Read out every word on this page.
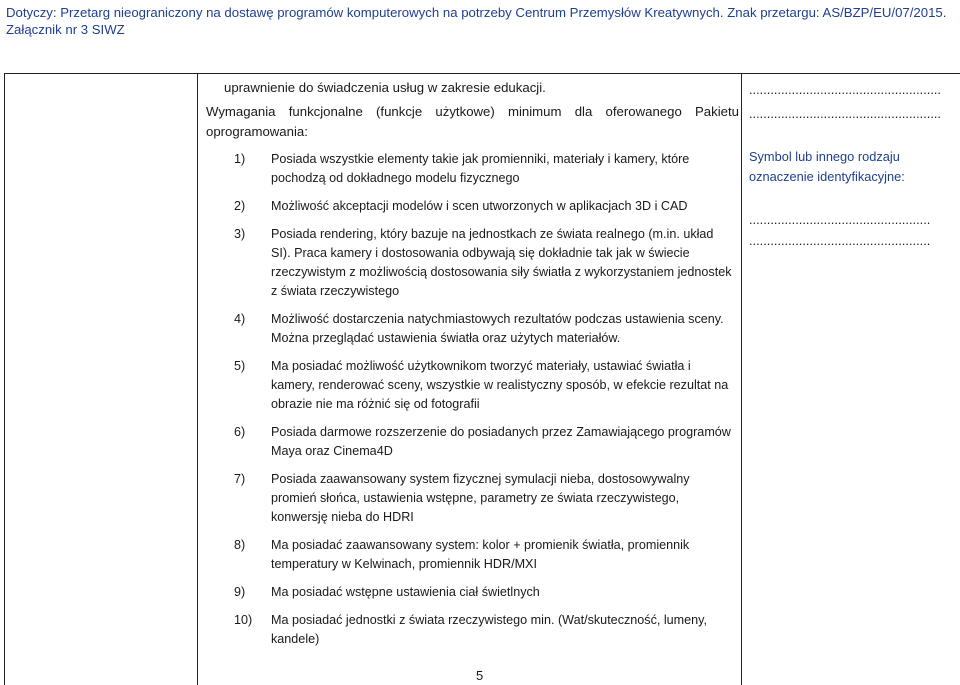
Dotyczy: Przetarg nieograniczony na dostawę programów komputerowych na potrzeby Centrum Przemysłów Kreatywnych. Znak przetargu: AS/BZP/EU/07/2015.
Załącznik nr 3 SIWZ
uprawnienie do świadczenia usług w zakresie edukacji.
Wymagania funkcjonalne (funkcje użytkowe) minimum dla oferowanego Pakietu
oprogramowania:
1)	Posiada wszystkie elementy takie jak promienniki, materiały i kamery, które pochodzą od dokładnego modelu fizycznego
2)	Możliwość akceptacji modelów i scen utworzonych w aplikacjach 3D i CAD
3)	Posiada rendering, który bazuje na jednostkach ze świata realnego (m.in. układ SI). Praca kamery i dostosowania odbywają się dokładnie tak jak w świecie rzeczywistym z możliwością dostosowania siły światła z wykorzystaniem jednostek z świata rzeczywistego
4)	Możliwość dostarczenia natychmiastowych rezultatów podczas ustawienia sceny. Można przeglądać ustawienia światła oraz użytych materiałów.
5)	Ma posiadać możliwość użytkownikom tworzyć materiały, ustawiać światła i kamery, renderować sceny, wszystkie w realistyczny sposób, w efekcie rezultat na obrazie nie ma różnić się od fotografii
6)	Posiada darmowe rozszerzenie do posiadanych przez Zamawiającego programów Maya oraz Cinema4D
7)	Posiada zaawansowany system fizycznej symulacji nieba, dostosowywalny promień słońca, ustawienia wstępne, parametry ze świata rzeczywistego, konwersję nieba do HDRI
8)	Ma posiadać zaawansowany system: kolor + promienik światła, promiennik temperatury w Kelwinach, promiennik HDR/MXI
9)	Ma posiadać wstępne ustawienia ciał świetlnych
10)	Ma posiadać jednostki z świata rzeczywistego min. (Wat/skuteczność, lumeny, kandele)
......................................................
......................................................
Symbol lub innego rodzaju oznaczenie identyfikacyjne:
...................................................
...................................................
5
